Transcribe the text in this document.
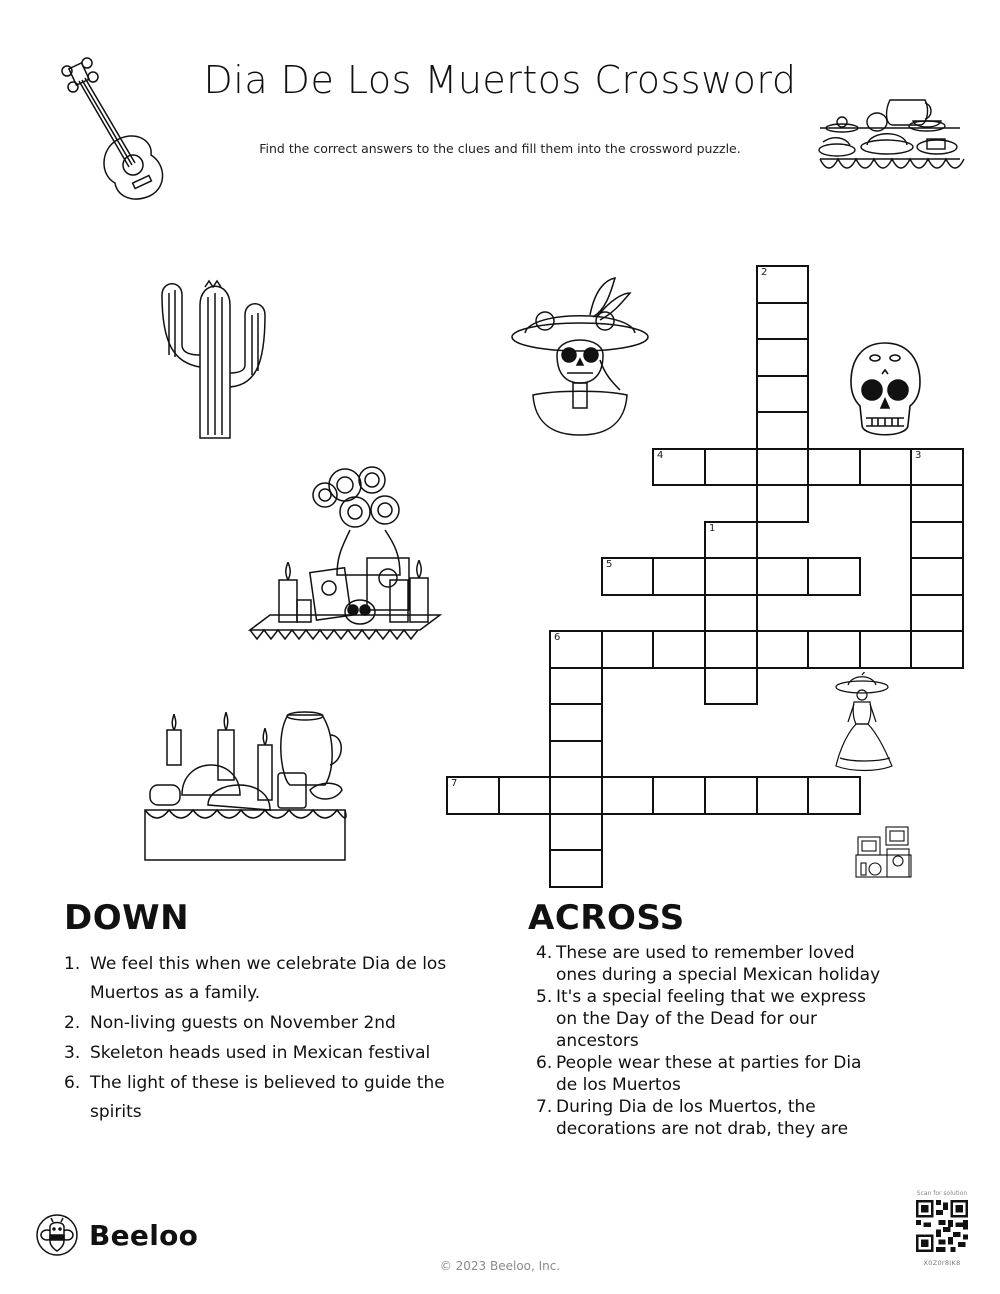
Dia De Los Muertos Crossword
Find the correct answers to the clues and fill them into the crossword puzzle.
1
2
3
4
5
6
7
DOWN
1. We feel this when we celebrate Dia de los Muertos as a family.
2. Non-living guests on November 2nd
3. Skeleton heads used in Mexican festival
6. The light of these is believed to guide the spirits
ACROSS
4. These are used to remember loved ones during a special Mexican holiday
5. It's a special feeling that we express on the Day of the Dead for our ancestors
6. People wear these at parties for Dia de los Muertos
7. During Dia de los Muertos, the decorations are not drab, they are
Beeloo
© 2023 Beeloo, Inc.
Scan for solution
X0Z0r8IK8
